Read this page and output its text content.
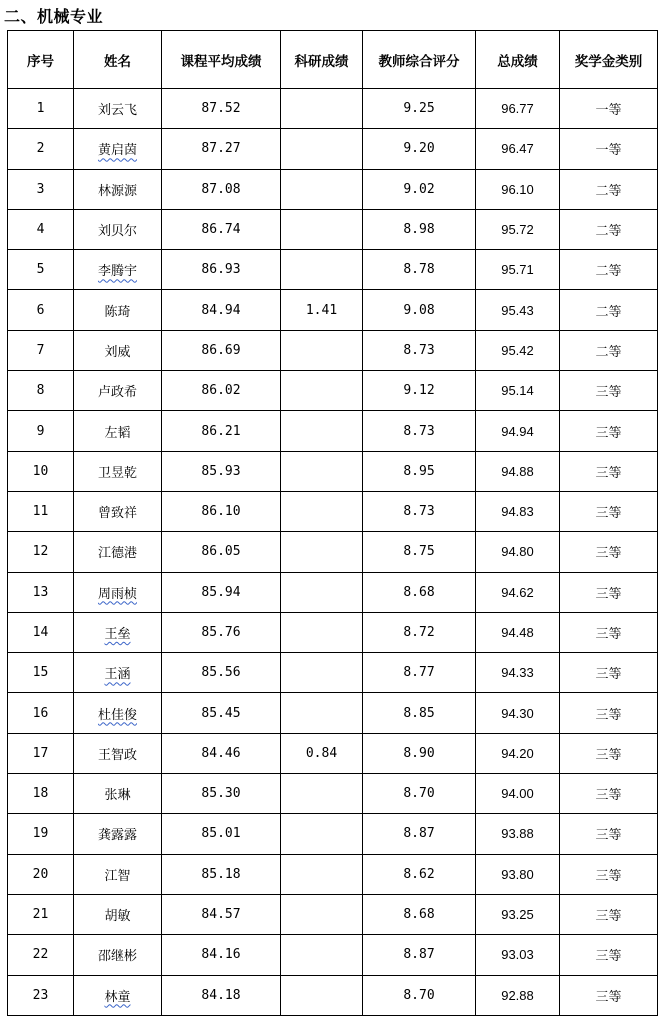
二、机械专业
序号	姓名	课程平均成绩	科研成绩	教师综合评分	总成绩	奖学金类别
1	刘云飞	87.52		9.25	96.77	一等
2	黄启茵	87.27		9.20	96.47	一等
3	林源源	87.08		9.02	96.10	二等
4	刘贝尔	86.74		8.98	95.72	二等
5	李腾宇	86.93		8.78	95.71	二等
6	陈琦	84.94	1.41	9.08	95.43	二等
7	刘威	86.69		8.73	95.42	二等
8	卢政希	86.02		9.12	95.14	三等
9	左韬	86.21		8.73	94.94	三等
10	卫昱乾	85.93		8.95	94.88	三等
11	曾致祥	86.10		8.73	94.83	三等
12	江德港	86.05		8.75	94.80	三等
13	周雨桢	85.94		8.68	94.62	三等
14	王垒	85.76		8.72	94.48	三等
15	王涵	85.56		8.77	94.33	三等
16	杜佳俊	85.45		8.85	94.30	三等
17	王智政	84.46	0.84	8.90	94.20	三等
18	张琳	85.30		8.70	94.00	三等
19	龚露露	85.01		8.87	93.88	三等
20	江智	85.18		8.62	93.80	三等
21	胡敏	84.57		8.68	93.25	三等
22	邵继彬	84.16		8.87	93.03	三等
23	林童	84.18		8.70	92.88	三等
